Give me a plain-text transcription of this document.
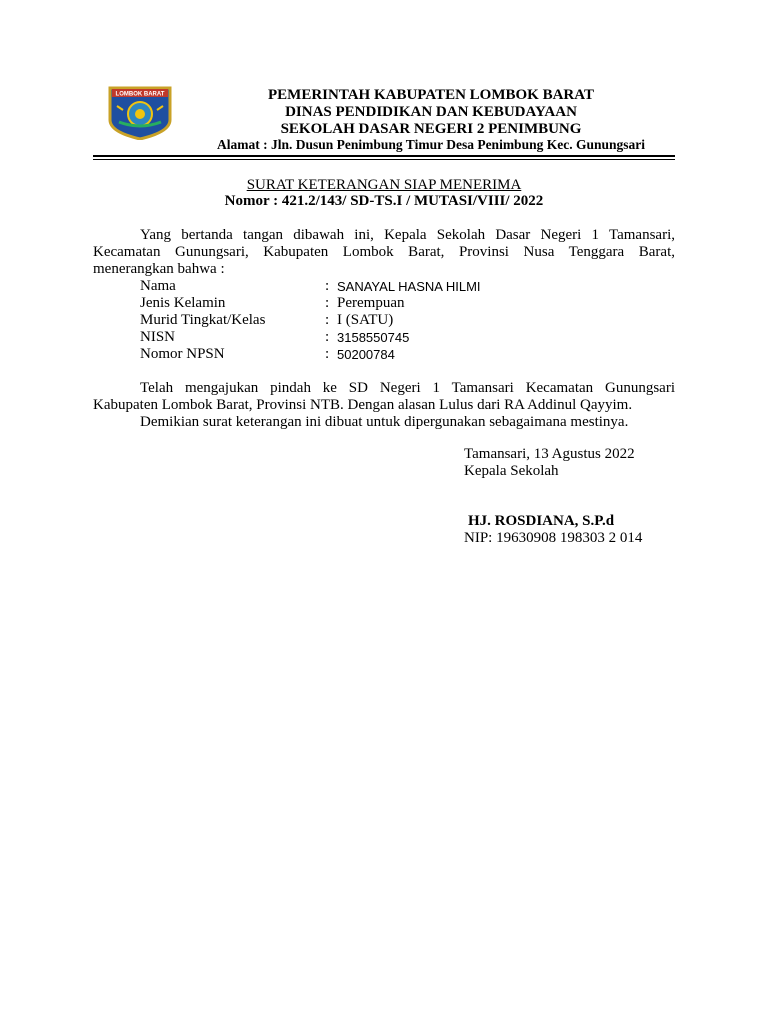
LOMBOK BARAT	PEMERINTAH KABUPATEN LOMBOK BARAT
DINAS PENDIDIKAN DAN KEBUDAYAAN
SEKOLAH DASAR NEGERI 2 PENIMBUNG
Alamat : Jln. Dusun Penimbung Timur Desa Penimbung Kec. Gunungsari
SURAT KETERANGAN SIAP MENERIMA
Nomor : 421.2/143/ SD-TS.I / MUTASI/VIII/ 2022
Yang bertanda tangan dibawah ini, Kepala Sekolah Dasar Negeri 1 Tamansari,
Kecamatan Gunungsari, Kabupaten Lombok Barat, Provinsi Nusa Tenggara Barat,
menerangkan bahwa :
Nama	: SANAYAL HASNA HILMI
Jenis Kelamin	: Perempuan
Murid Tingkat/Kelas	: I (SATU)
NISN	: 3158550745
Nomor NPSN	: 50200784
Telah mengajukan pindah ke SD Negeri 1 Tamansari Kecamatan Gunungsari
Kabupaten Lombok Barat, Provinsi NTB. Dengan alasan Lulus dari RA Addinul Qayyim.
Demikian surat keterangan ini dibuat untuk dipergunakan sebagaimana mestinya.
Tamansari, 13 Agustus 2022
Kepala Sekolah
HJ. ROSDIANA, S.P.d
NIP: 19630908 198303 2 014
